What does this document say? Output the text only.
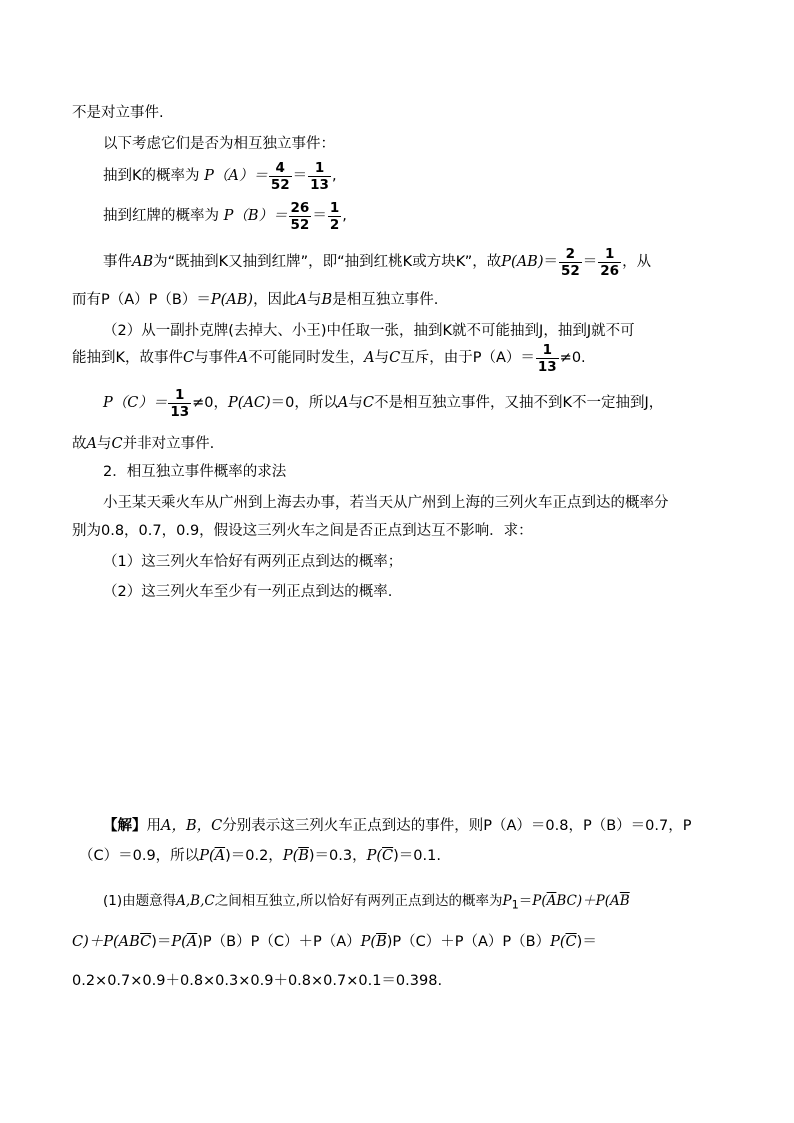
不是对立事件.
以下考虑它们是否为相互独立事件：
抽到K的概率为 $P(A)= \frac{4}{52} = \frac{1}{13}$ ,
抽到红牌的概率为 $P(B)= \frac{26}{52} = \frac{1}{2}$ ,
事件AB为“既抽到K又抽到红牌”，即“抽到红桃K或方块K”，故$P(AB)= \frac{2}{52} = \frac{1}{26}$ ，从
而有P（A）P（B）＝P(AB)，因此A与B是相互独立事件.
（2）从一副扑克牌(去掉大、小王)中任取一张，抽到K就不可能抽到J，抽到J就不可
能抽到K，故事件C与事件A不可能同时发生，A与C互斥，由于$P(A)= \frac{1}{13} \ne 0$.
$P(C)= \frac{1}{13} \ne 0$，P(AC)＝0，所以A与C不是相互独立事件，又抽不到K不一定抽到J，
故A与C并非对立事件.
2．相互独立事件概率的求法
小王某天乘火车从广州到上海去办事，若当天从广州到上海的三列火车正点到达的概率分
别为0.8，0.7，0.9，假设这三列火车之间是否正点到达互不影响．求：
（1）这三列火车恰好有两列正点到达的概率；
（2）这三列火车至少有一列正点到达的概率.
【解】用A，B，C分别表示这三列火车正点到达的事件，则P（A）＝0.8，P（B）＝0.7，P
（C）＝0.9，所以$P(\overline{A})=0.2$，$P(\overline{B})=0.3$，$P(\overline{C})=0.1$.
(1)由题意得A,B,C之间相互独立,所以恰好有两列正点到达的概率为$P_1=P(\overline{A}BC)+P(A\overline{B}$
$C)+P(AB\overline{C})=P(\overline{A})P(B)P(C)+P(A)P(\overline{B})P(C)+P(A)P(B)P(\overline{C})=$
0.2×0.7×0.9＋0.8×0.3×0.9＋0.8×0.7×0.1＝0.398.
